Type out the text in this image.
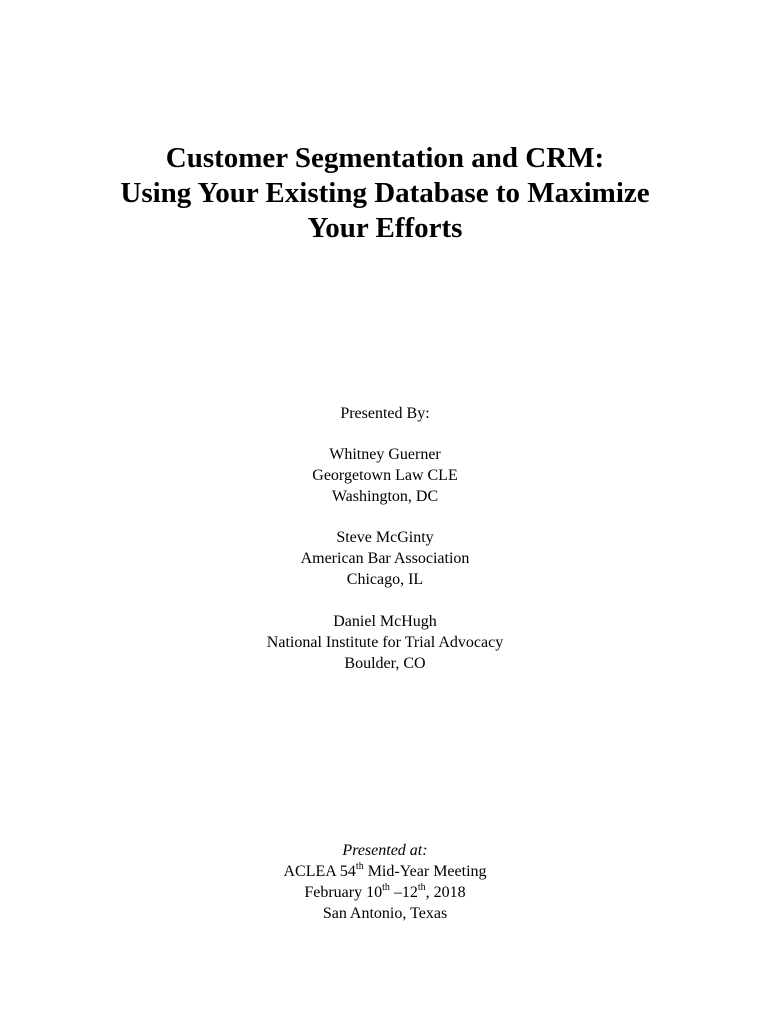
Customer Segmentation and CRM:
Using Your Existing Database to Maximize
Your Efforts
Presented By:
Whitney Guerner
Georgetown Law CLE
Washington, DC
Steve McGinty
American Bar Association
Chicago, IL
Daniel McHugh
National Institute for Trial Advocacy
Boulder, CO
Presented at:
ACLEA 54th Mid-Year Meeting
February 10th –12th, 2018
San Antonio, Texas
